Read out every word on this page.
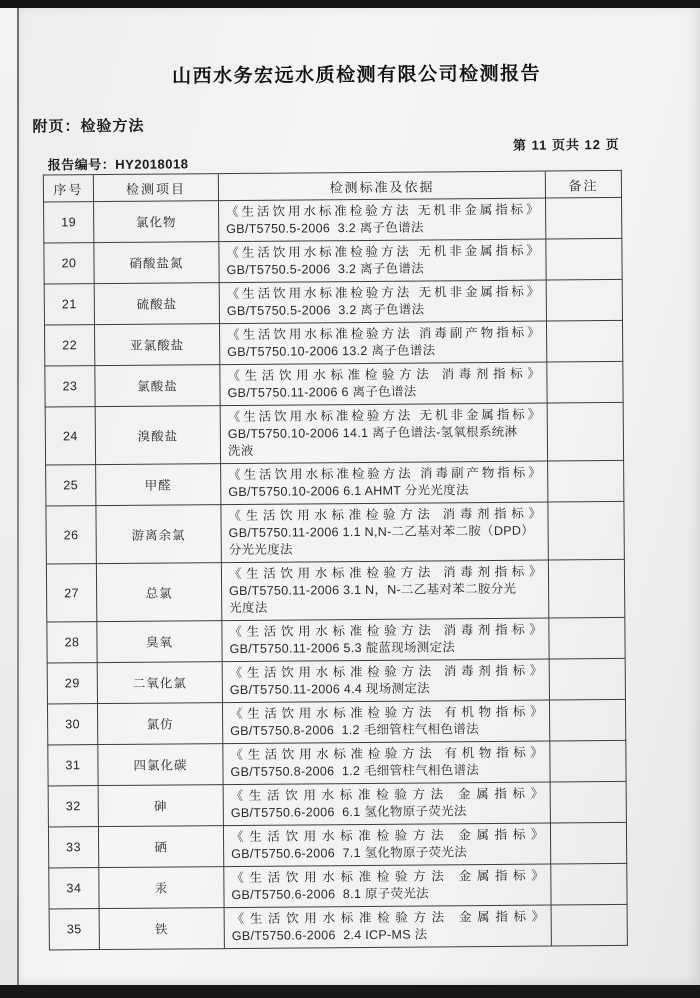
山西水务宏远水质检测有限公司检测报告
附页：检验方法
报告编号：HY2018018
第 11 页共 12 页
序号	检测项目	检测标准及依据	备注
19	氯化物	《生活饮用水标准检验方法 无机非金属指标》
GB/T5750.5-2006  3.2 离子色谱法	

20	硝酸盐氮	《生活饮用水标准检验方法 无机非金属指标》
GB/T5750.5-2006  3.2 离子色谱法	

21	硫酸盐	《生活饮用水标准检验方法 无机非金属指标》
GB/T5750.5-2006  3.2 离子色谱法	

22	亚氯酸盐	《生活饮用水标准检验方法 消毒副产物指标》
GB/T5750.10-2006 13.2 离子色谱法	

23	氯酸盐	《生活饮用水标准检验方法 消毒剂指标》
GB/T5750.11-2006 6 离子色谱法	

24	溴酸盐	《生活饮用水标准检验方法 无机非金属指标》
GB/T5750.10-2006 14.1 离子色谱法-氢氧根系统淋
洗液	

25	甲醛	《生活饮用水标准检验方法 消毒副产物指标》
GB/T5750.10-2006 6.1 AHMT 分光光度法	

26	游离余氯	《生活饮用水标准检验方法 消毒剂指标》
GB/T5750.11-2006 1.1 N,N-二乙基对苯二胺（DPD）
分光光度法	

27	总氯	《生活饮用水标准检验方法 消毒剂指标》
GB/T5750.11-2006 3.1 N，N-二乙基对苯二胺分光
光度法	

28	臭氧	《生活饮用水标准检验方法 消毒剂指标》
GB/T5750.11-2006 5.3 靛蓝现场测定法	

29	二氧化氯	《生活饮用水标准检验方法 消毒剂指标》
GB/T5750.11-2006 4.4 现场测定法	

30	氯仿	《生活饮用水标准检验方法 有机物指标》
GB/T5750.8-2006  1.2 毛细管柱气相色谱法	

31	四氯化碳	《生活饮用水标准检验方法 有机物指标》
GB/T5750.8-2006  1.2 毛细管柱气相色谱法	

32	砷	《生活饮用水标准检验方法 金属指标》
GB/T5750.6-2006  6.1 氢化物原子荧光法	

33	硒	《生活饮用水标准检验方法 金属指标》
GB/T5750.6-2006  7.1 氢化物原子荧光法	

34	汞	《生活饮用水标准检验方法 金属指标》
GB/T5750.6-2006  8.1 原子荧光法	

35	铁	《生活饮用水标准检验方法 金属指标》
GB/T5750.6-2006  2.4 ICP-MS 法	
